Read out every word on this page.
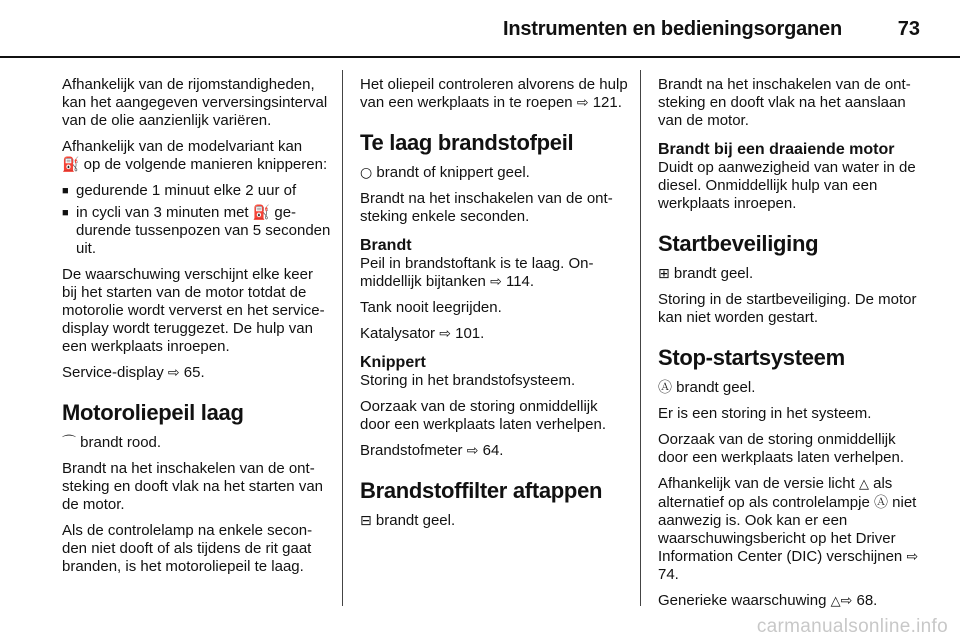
Instrumenten en bedieningsorganen	73

Afhankelijk van de rijomstandigheden, kan het aangegeven verversingsinterval van de olie aanzienlijk variëren.

Afhankelijk van de modelvariant kan
⛽ op de volgende manieren knipperen:

■ gedurende 1 minuut elke 2 uur of
■ in cycli van 3 minuten met ⛽ gedurende tussenpozen van 5 seconden uit.

De waarschuwing verschijnt elke keer bij het starten van de motor totdat de motorolie wordt ververst en het service-display wordt teruggezet. De hulp van een werkplaats inroepen.

Service-display ⇨ 65.

Motoroliepeil laag

⌒ brandt rood.

Brandt na het inschakelen van de ontsteking en dooft vlak na het starten van de motor.

Als de controlelamp na enkele seconden niet dooft of als tijdens de rit gaat branden, is het motoroliepeil te laag.

Het oliepeil controleren alvorens de hulp van een werkplaats in te roepen ⇨ 121.

Te laag brandstofpeil

○ brandt of knippert geel.

Brandt na het inschakelen van de ontsteking enkele seconden.

Brandt

Peil in brandstoftank is te laag. Onmiddellijk bijtanken ⇨ 114.

Tank nooit leegrijden.

Katalysator ⇨ 101.

Knippert

Storing in het brandstofsysteem.

Oorzaak van de storing onmiddellijk door een werkplaats laten verhelpen.

Brandstofmeter ⇨ 64.

Brandstoffilter aftappen

⊟ brandt geel.

Brandt na het inschakelen van de ontsteking en dooft vlak na het aanslaan van de motor.

Brandt bij een draaiende motor

Duidt op aanwezigheid van water in de diesel. Onmiddellijk hulp van een werkplaats inroepen.

Startbeveiliging

⊞ brandt geel.

Storing in de startbeveiliging. De motor kan niet worden gestart.

Stop-startsysteem

Ⓐ brandt geel.

Er is een storing in het systeem.

Oorzaak van de storing onmiddellijk door een werkplaats laten verhelpen.

Afhankelijk van de versie licht △ als alternatief op als controlelampje Ⓐ niet aanwezig is. Ook kan er een waarschuwingsbericht op het Driver Information Center (DIC) verschijnen ⇨ 74.

Generieke waarschuwing △⇨ 68.

carmanualsonline.info
